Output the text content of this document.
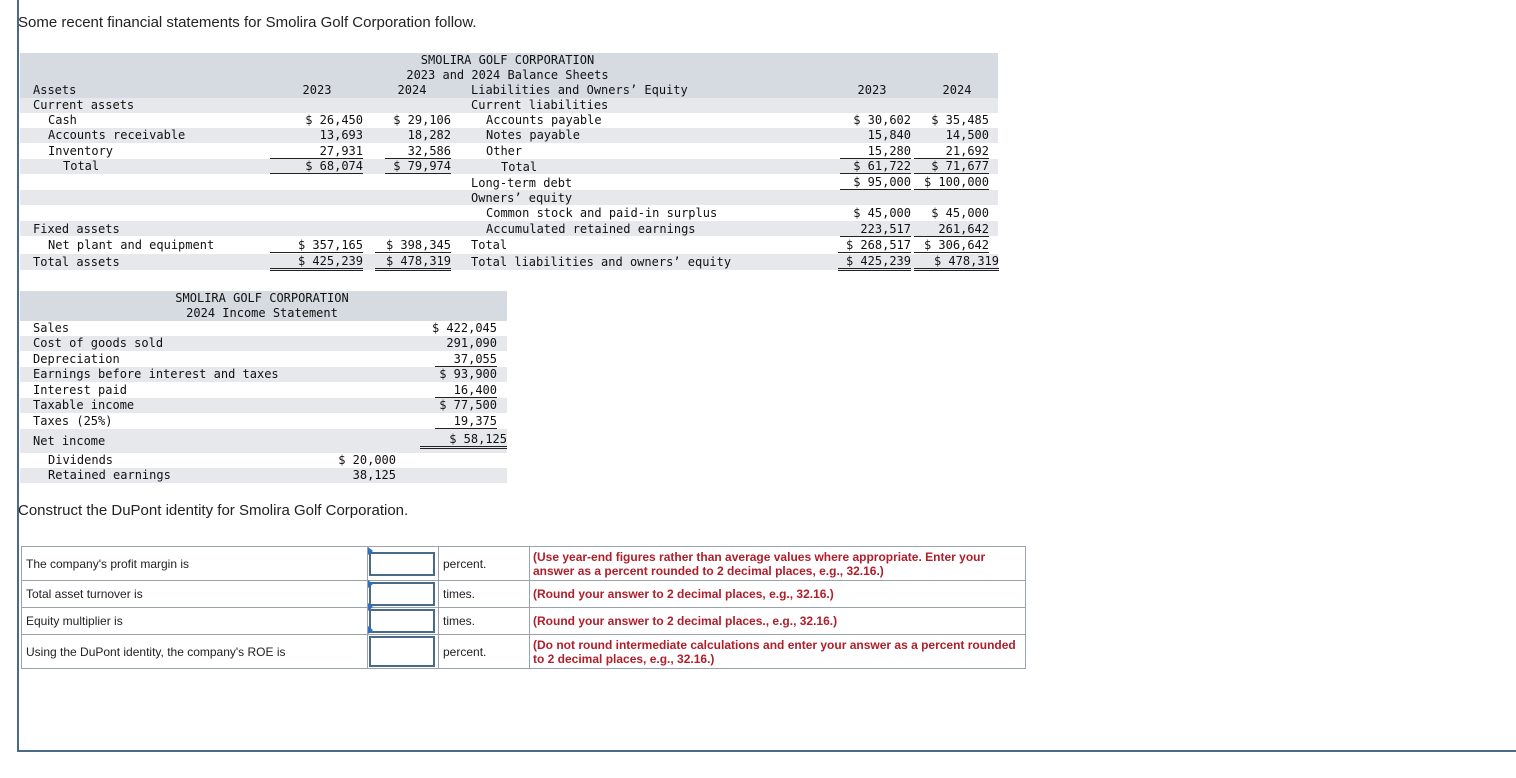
Some recent financial statements for Smolira Golf Corporation follow.
SMOLIRA GOLF CORPORATION
2023 and 2024 Balance Sheets
Assets	2023	2024	Liabilities and Owners’ Equity	2023	2024
Current assets
Cash	$ 26,450	$ 29,106
Accounts receivable	13,693	18,282
Inventory	27,931	32,586
Total	$ 68,074	$ 79,974
Fixed assets
Net plant and equipment	$ 357,165	$ 398,345
Total assets	$ 425,239	$ 478,319
Current liabilities
Accounts payable	$ 30,602	$ 35,485
Notes payable	15,840	14,500
Other	15,280	21,692
Total	$ 61,722	$ 71,677
Long-term debt	$ 95,000	$ 100,000
Owners’ equity
Common stock and paid-in surplus	$ 45,000	$ 45,000
Accumulated retained earnings	223,517	261,642
Total	$ 268,517	$ 306,642
Total liabilities and owners’ equity	$ 425,239	$ 478,319
SMOLIRA GOLF CORPORATION
2024 Income Statement
Sales	$ 422,045
Cost of goods sold	291,090
Depreciation	37,055
Earnings before interest and taxes	$ 93,900
Interest paid	16,400
Taxable income	$ 77,500
Taxes (25%)	19,375
Net income	$ 58,125
Dividends	$ 20,000
Retained earnings	38,125
Construct the DuPont identity for Smolira Golf Corporation.
The company's profit margin is		percent.	(Use year-end figures rather than average values where appropriate. Enter your answer as a percent rounded to 2 decimal places, e.g., 32.16.)
Total asset turnover is		times.	(Round your answer to 2 decimal places, e.g., 32.16.)
Equity multiplier is		times.	(Round your answer to 2 decimal places., e.g., 32.16.)
Using the DuPont identity, the company's ROE is		percent.	(Do not round intermediate calculations and enter your answer as a percent rounded to 2 decimal places, e.g., 32.16.)
